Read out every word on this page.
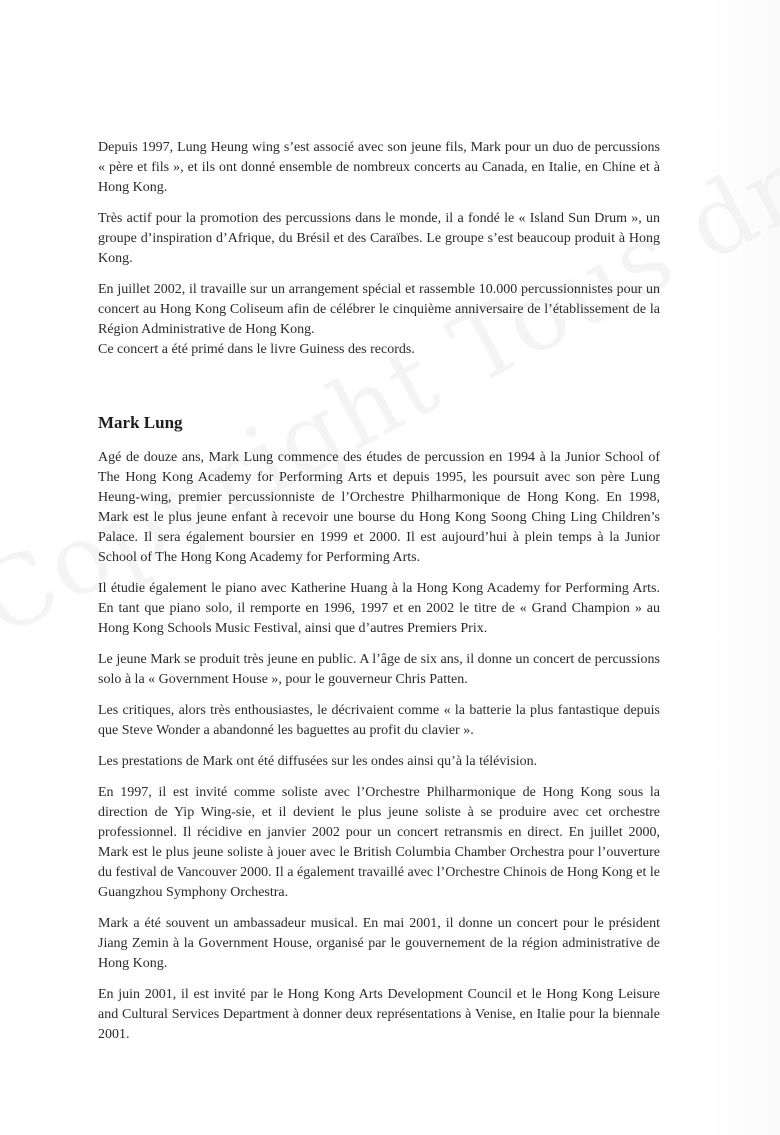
Depuis 1997, Lung Heung wing s’est associé avec son jeune fils, Mark pour un duo de percussions « père et fils », et ils ont donné ensemble de nombreux concerts au Canada, en Italie, en Chine et à Hong Kong.

Très actif pour la promotion des percussions dans le monde, il a fondé le « Island Sun Drum », un groupe d’inspiration d’Afrique, du Brésil et des Caraïbes. Le groupe s’est beaucoup produit à Hong Kong.

En juillet 2002, il travaille sur un arrangement spécial et rassemble 10.000 percussionnistes pour un concert au Hong Kong Coliseum afin de célébrer le cinquième anniversaire de l’établissement de la Région Administrative de Hong Kong.

Ce concert a été primé dans le livre Guiness des records.

Mark Lung

Agé de douze ans, Mark Lung commence des études de percussion en 1994 à la Junior School of The Hong Kong Academy for Performing Arts et depuis 1995, les poursuit avec son père Lung Heung-wing, premier percussionniste de l’Orchestre Philharmonique de Hong Kong. En 1998, Mark est le plus jeune enfant à recevoir une bourse du Hong Kong Soong Ching Ling Children’s Palace. Il sera également boursier en 1999 et 2000. Il est aujourd’hui à plein temps à la Junior School of The Hong Kong Academy for Performing Arts.

Il étudie également le piano avec Katherine Huang à la Hong Kong Academy for Performing Arts. En tant que piano solo, il remporte en 1996, 1997 et en 2002 le titre de « Grand Champion » au Hong Kong Schools Music Festival, ainsi que d’autres Premiers Prix.

Le jeune Mark se produit très jeune en public. A l’âge de six ans, il donne un concert de percussions solo à la « Government House », pour le gouverneur Chris Patten.

Les critiques, alors très enthousiastes, le décrivaient comme « la batterie la plus fantastique depuis que Steve Wonder a abandonné les baguettes au profit du clavier ».

Les prestations de Mark ont été diffusées sur les ondes ainsi qu’à la télévision.

En 1997, il est invité comme soliste avec l’Orchestre Philharmonique de Hong Kong sous la direction de Yip Wing-sie, et il devient le plus jeune soliste à se produire avec cet orchestre professionnel. Il récidive en janvier 2002 pour un concert retransmis en direct. En juillet 2000, Mark est le plus jeune soliste à jouer avec le British Columbia Chamber Orchestra pour l’ouverture du festival de Vancouver 2000. Il a également travaillé avec l’Orchestre Chinois de Hong Kong et le Guangzhou Symphony Orchestra.

Mark a été souvent un ambassadeur musical. En mai 2001, il donne un concert pour le président Jiang Zemin à la Government House, organisé par le gouvernement de la région administrative de Hong Kong.

En juin 2001, il est invité par le Hong Kong Arts Development Council et le Hong Kong Leisure and Cultural Services Department à donner deux représentations à Venise, en Italie pour la biennale 2001.
